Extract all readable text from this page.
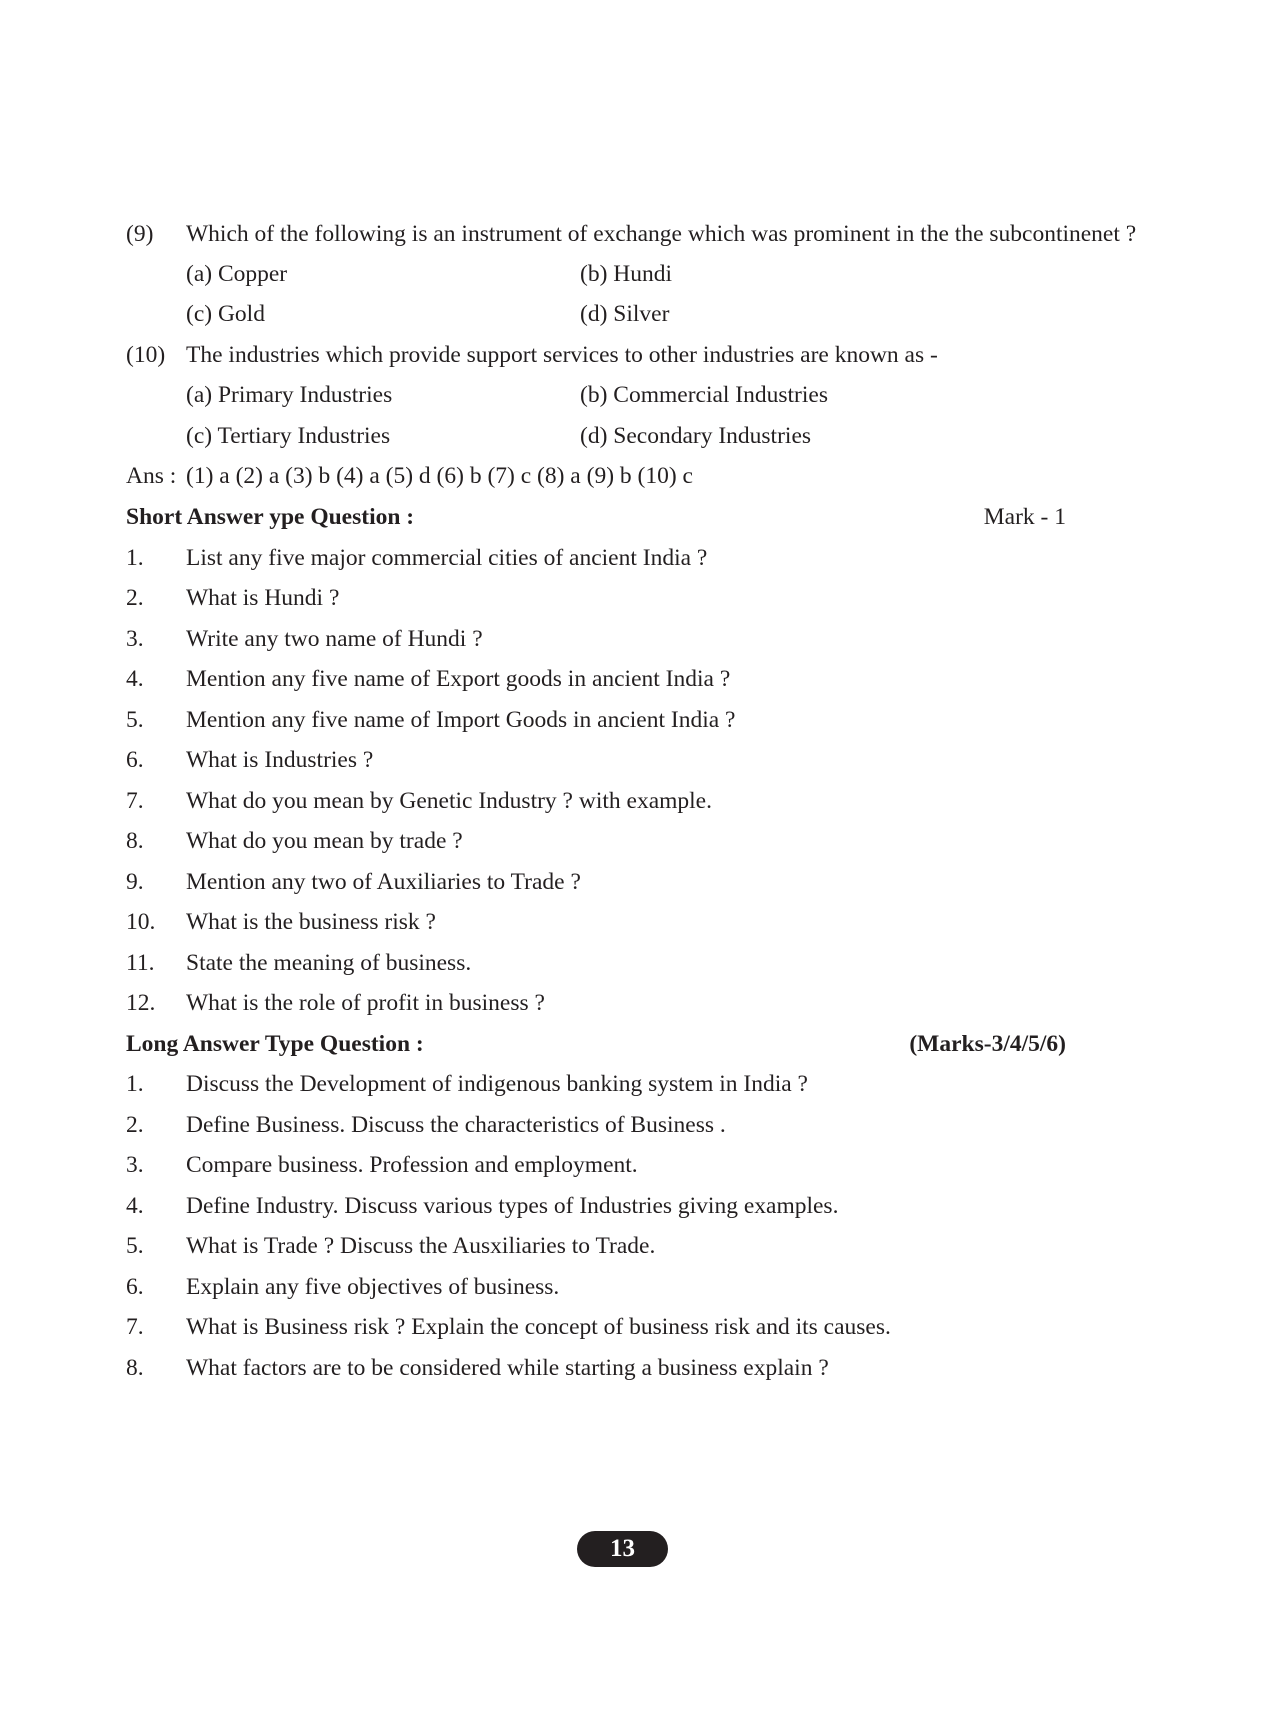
(9) Which of the following is an instrument of exchange which was prominent in the the subcontinenet ?
(a) Copper	(b) Hundi
(c) Gold	(d) Silver
(10) The industries which provide support services to other industries are known as -
(a) Primary Industries	(b) Commercial Industries
(c) Tertiary Industries	(d) Secondary Industries
Ans : (1) a (2) a (3) b (4) a (5) d (6) b (7) c (8) a (9) b (10) c
Short Answer ype Question :	Mark - 1
1. List any five major commercial cities of ancient India ?
2. What is Hundi ?
3. Write any two name of Hundi ?
4. Mention any five name of Export goods in ancient India ?
5. Mention any five name of Import Goods in ancient India ?
6. What is Industries ?
7. What do you mean by Genetic Industry ? with example.
8. What do you mean by trade ?
9. Mention any two of Auxiliaries to Trade ?
10. What is the business risk ?
11. State the meaning of business.
12. What is the role of profit in business ?
Long Answer Type Question :	(Marks-3/4/5/6)
1. Discuss the Development of indigenous banking system in India ?
2. Define Business. Discuss the characteristics of Business .
3. Compare business. Profession and employment.
4. Define Industry. Discuss various types of Industries giving examples.
5. What is Trade ? Discuss the Ausxiliaries to Trade.
6. Explain any five objectives of business.
7. What is Business risk ? Explain the concept of business risk and its causes.
8. What factors are to be considered while starting a business explain ?
13
